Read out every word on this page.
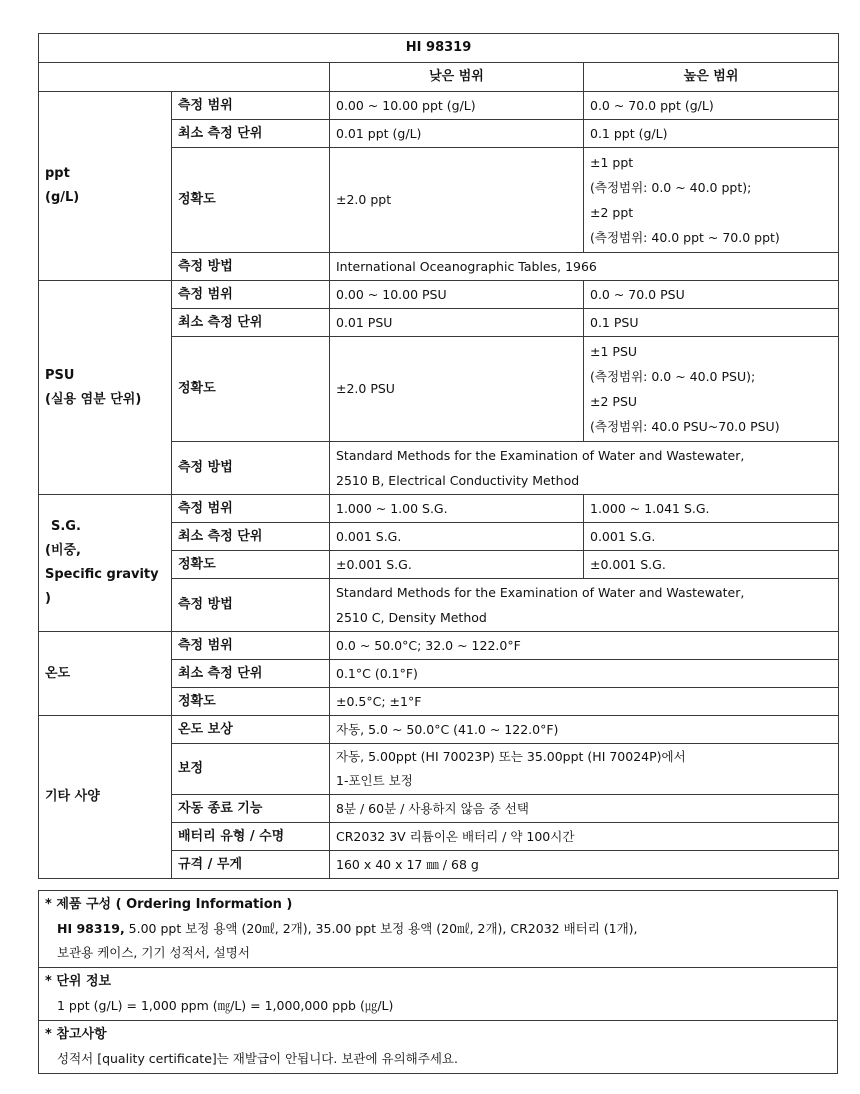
HI 98319			
		낮은 범위	높은 범위

ppt
(g/L)	측정 범위	0.00 ~ 10.00 ppt (g/L)	0.0 ~ 70.0 ppt (g/L)
	최소 측정 단위	0.01 ppt (g/L)	0.1 ppt (g/L)
	정확도	±2.0 ppt	±1 ppt
(측정범위: 0.0 ~ 40.0 ppt);
±2 ppt
(측정범위: 40.0 ppt ~ 70.0 ppt)

	측정 방법	International Oceanographic Tables, 1966	

PSU
(실용 염분 단위)	측정 범위	0.00 ~ 10.00 PSU	0.0 ~ 70.0 PSU
	최소 측정 단위	0.01 PSU	0.1 PSU
	정확도	±2.0 PSU	±1 PSU
(측정범위: 0.0 ~ 40.0 PSU);
±2 PSU
(측정범위: 40.0 PSU~70.0 PSU)

	측정 방법	Standard Methods for the Examination of Water and Wastewater,
2510 B, Electrical Conductivity Method	

S.G.
(비중,
Specific gravity )	측정 범위	1.000 ~ 1.00 S.G.	1.000 ~ 1.041 S.G.
	최소 측정 단위	0.001 S.G.	0.001 S.G.
	정확도	±0.001 S.G.	±0.001 S.G.
	측정 방법	Standard Methods for the Examination of Water and Wastewater,
2510 C, Density Method	

온도	측정 범위	0.0 ~ 50.0°C; 32.0 ~ 122.0°F	
	최소 측정 단위	0.1°C (0.1°F)	
	정확도	±0.5°C; ±1°F	
기타 사양	온도 보상	자동, 5.0 ~ 50.0°C (41.0 ~ 122.0°F)	
	보정	자동, 5.00ppt (HI 70023P) 또는 35.00ppt (HI 70024P)에서
1-포인트 보정	

	자동 종료 기능	8분 / 60분 / 사용하지 않음 중 선택	
	배터리 유형 / 수명	CR2032 3V 리튬이온 배터리 / 약 100시간	
	규격 / 무게	160 x 40 x 17 ㎜ / 68 g	
* 제품 구성 ( Ordering Information )
HI 98319, 5.00 ppt 보정 용액 (20㎖, 2개), 35.00 ppt 보정 용액 (20㎖, 2개), CR2032 배터리 (1개),
보관용 케이스, 기기 성적서, 설명서

* 단위 정보
1 ppt (g/L) = 1,000 ppm (㎎/L) = 1,000,000 ppb (㎍/L)

* 참고사항
성적서 [quality certificate]는 재발급이 안됩니다. 보관에 유의해주세요.
